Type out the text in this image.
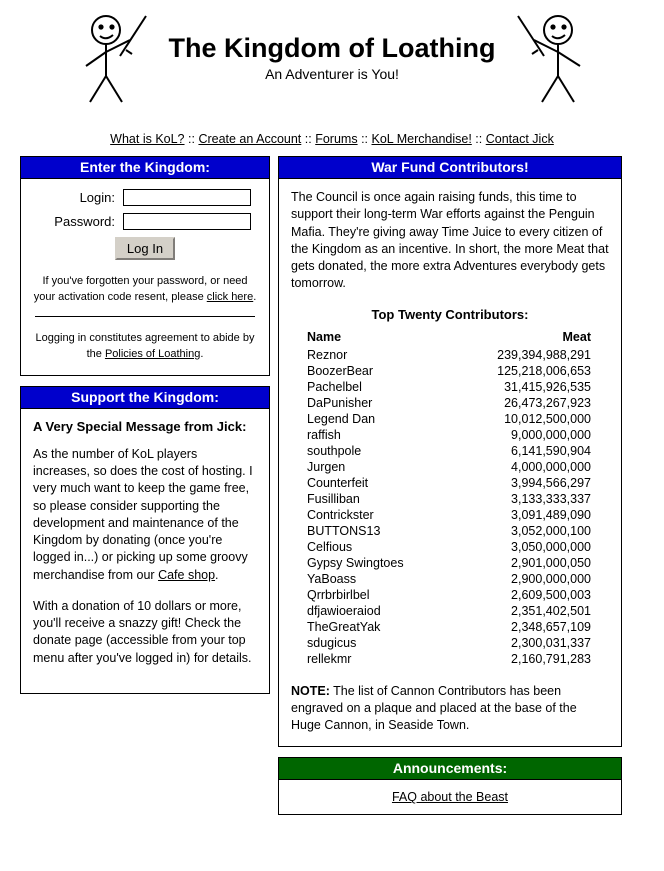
The Kingdom of Loathing
An Adventurer is You!
What is KoL? :: Create an Account :: Forums :: KoL Merchandise! :: Contact Jick
Enter the Kingdom:
Login:
Password:
Log In
If you've forgotten your password, or need your activation code resent, please click here.
Logging in constitutes agreement to abide by the Policies of Loathing.
Support the Kingdom:
A Very Special Message from Jick:

As the number of KoL players increases, so does the cost of hosting. I very much want to keep the game free, so please consider supporting the development and maintenance of the Kingdom by donating (once you're logged in...) or picking up some groovy merchandise from our Cafe shop.

With a donation of 10 dollars or more, you'll receive a snazzy gift! Check the donate page (accessible from your top menu after you've logged in) for details.

War Fund Contributors!

The Council is once again raising funds, this time to support their long-term War efforts against the Penguin Mafia. They're giving away Time Juice to every citizen of the Kingdom as an incentive. In short, the more Meat that gets donated, the more extra Adventures everybody gets tomorrow.

Top Twenty Contributors:
Name	Meat
Reznor	239,394,988,291
BoozerBear	125,218,006,653
Pachelbel	31,415,926,535
DaPunisher	26,473,267,923
Legend Dan	10,012,500,000
raffish	9,000,000,000
southpole	6,141,590,904
Jurgen	4,000,000,000
Counterfeit	3,994,566,297
Fusilliban	3,133,333,337
Contrickster	3,091,489,090
BUTTONS13	3,052,000,100
Celfious	3,050,000,000
Gypsy Swingtoes	2,901,000,050
YaBoass	2,900,000,000
Qrrbrbirlbel	2,609,500,003
dfjawioeraiod	2,351,402,501
TheGreatYak	2,348,657,109
sdugicus	2,300,031,337
rellekmr	2,160,791,283

NOTE: The list of Cannon Contributors has been engraved on a plaque and placed at the base of the Huge Cannon, in Seaside Town.

Announcements:
FAQ about the Beast
